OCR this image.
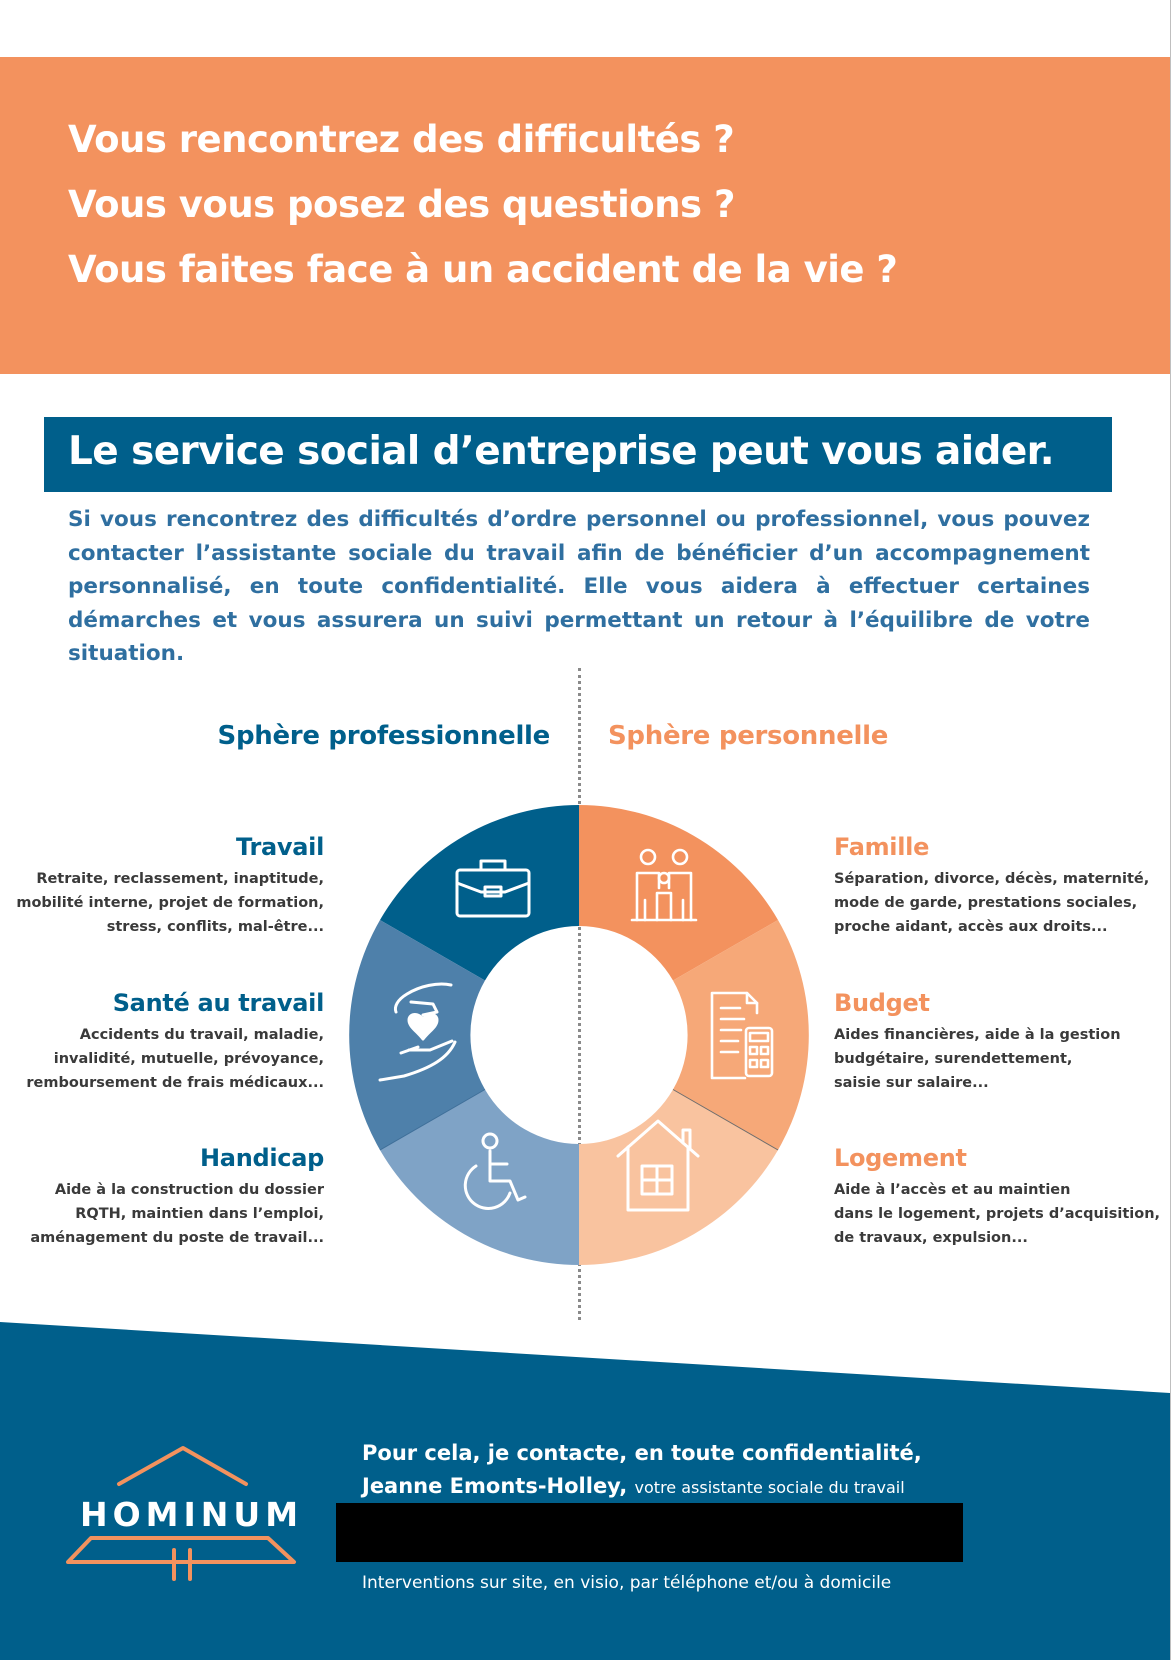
Vous rencontrez des difficultés ?

Vous vous posez des questions ?

Vous faites face à un accident de la vie ?

Le service social d’entreprise peut vous aider.

Si vous rencontrez des difficultés d’ordre personnel ou professionnel, vous pouvez contacter l’assistante sociale du travail afin de bénéficier d’un accompagnement personnalisé, en toute confidentialité. Elle vous aidera à effectuer certaines démarches et vous assurera un suivi permettant un retour à l’équilibre de votre situation.

Sphère professionnelle Sphère personnelle

Travail

Retraite, reclassement, inaptitude,
mobilité interne, projet de formation,
stress, conflits, mal-être...

Santé au travail

Accidents du travail, maladie,
invalidité, mutuelle, prévoyance,
remboursement de frais médicaux...

Handicap

Aide à la construction du dossier
RQTH, maintien dans l’emploi,
aménagement du poste de travail...

Famille

Séparation, divorce, décès, maternité,
mode de garde, prestations sociales,
proche aidant, accès aux droits...

Budget

Aides financières, aide à la gestion
budgétaire, surendettement,
saisie sur salaire...

Logement

Aide à l’accès et au maintien
dans le logement, projets d’acquisition,
de travaux, expulsion...

HOMINUM

Pour cela, je contacte, en toute confidentialité,

Jeanne Emonts-Holley, votre assistante sociale du travail

Interventions sur site, en visio, par téléphone et/ou à domicile
